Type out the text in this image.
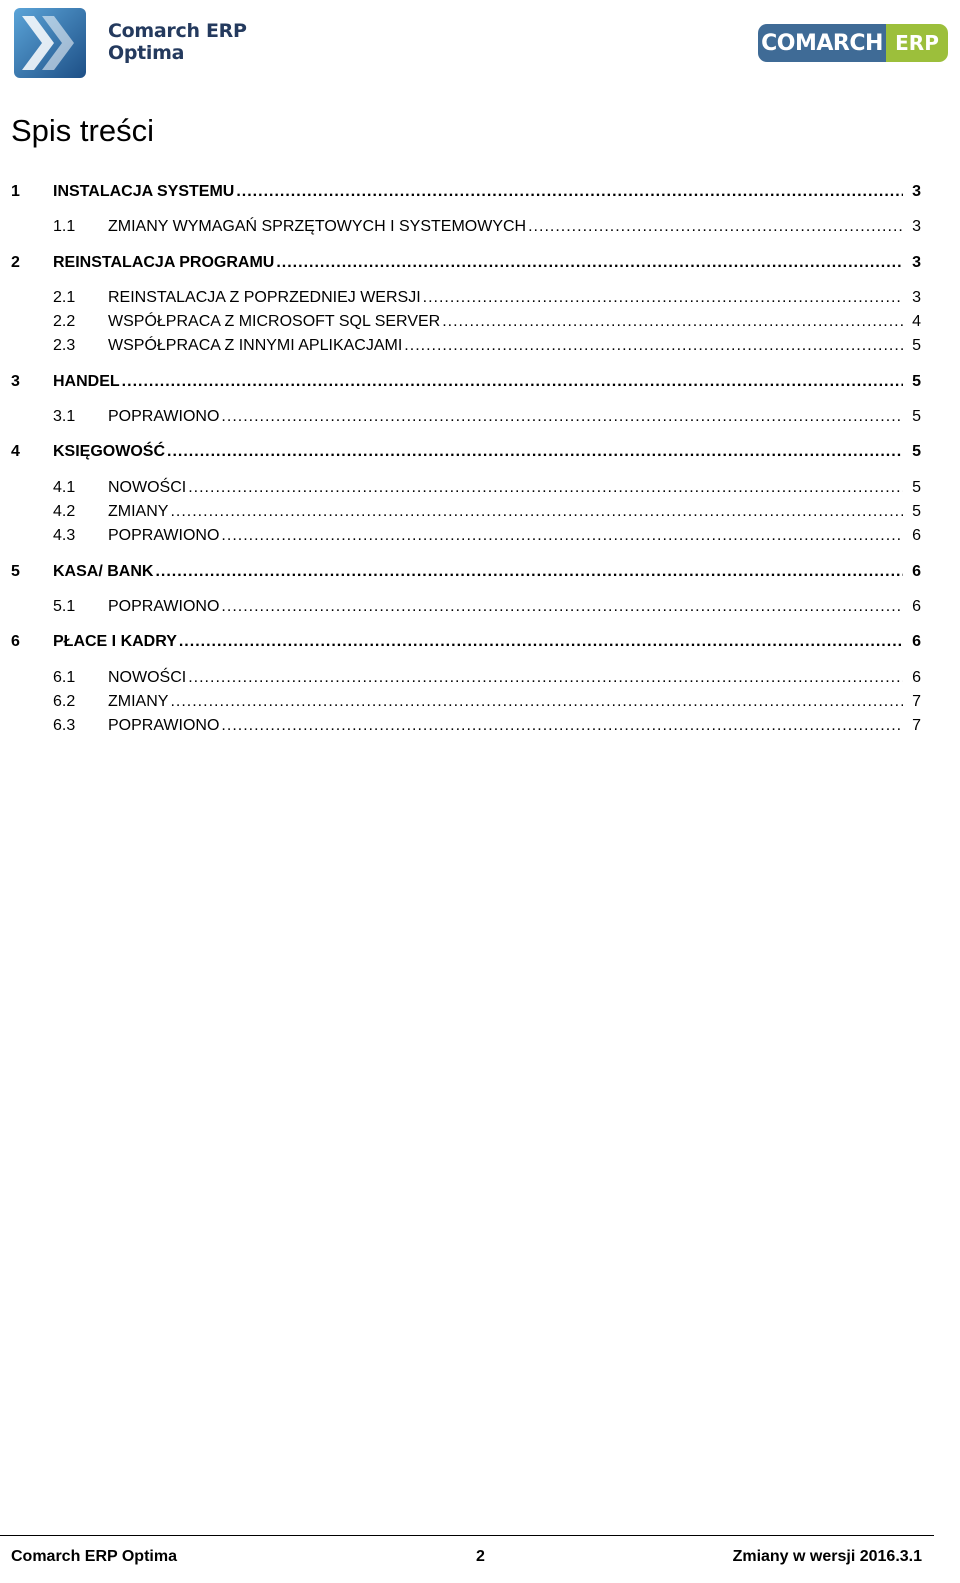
Comarch ERP
Optima	COMARCH ERP
Spis treści
1 INSTALACJA SYSTEMU .....	3
1.1 ZMIANY WYMAGAŃ SPRZĘTOWYCH I SYSTEMOWYCH .....	3
2 REINSTALACJA PROGRAMU .....	3
2.1 REINSTALACJA Z POPRZEDNIEJ WERSJI .....	3
2.2 WSPÓŁPRACA Z MICROSOFT SQL SERVER .....	4
2.3 WSPÓŁPRACA Z INNYMI APLIKACJAMI .....	5
3 HANDEL .....	5
3.1 POPRAWIONO .....	5
4 KSIĘGOWOŚĆ .....	5
4.1 NOWOŚCI .....	5
4.2 ZMIANY .....	5
4.3 POPRAWIONO .....	6
5 KASA/ BANK .....	6
5.1 POPRAWIONO .....	6
6 PŁACE I KADRY .....	6
6.1 NOWOŚCI .....	6
6.2 ZMIANY .....	7
6.3 POPRAWIONO .....	7
Comarch ERP Optima	2	Zmiany w wersji 2016.3.1
